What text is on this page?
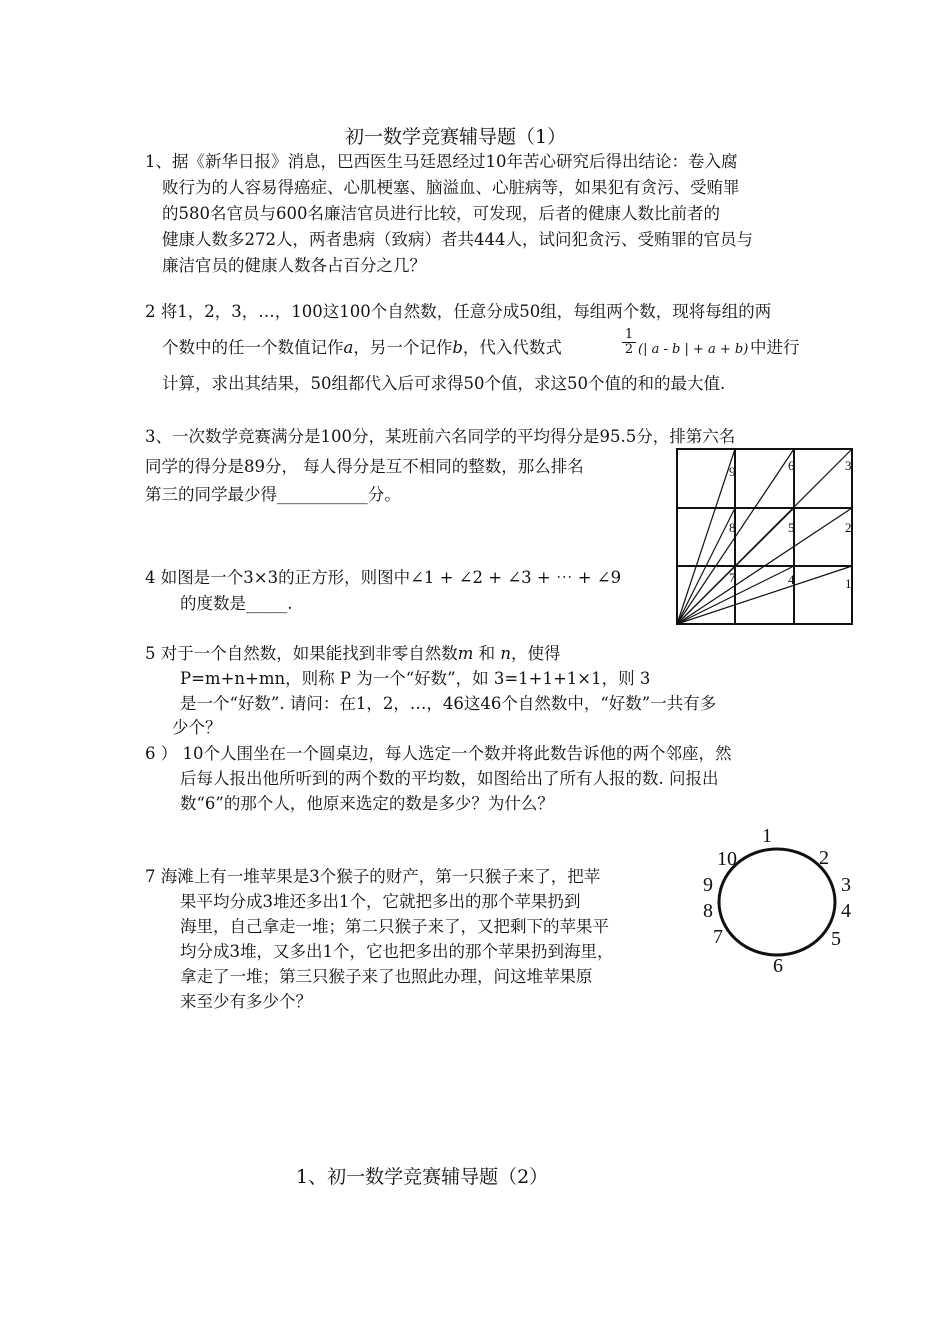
初一数学竞赛辅导题（1）
1、据《新华日报》消息，巴西医生马廷恩经过10年苦心研究后得出结论：卷入腐
败行为的人容易得癌症、心肌梗塞、脑溢血、心脏病等，如果犯有贪污、受贿罪
的580名官员与600名廉洁官员进行比较，可发现，后者的健康人数比前者的
健康人数多272人，两者患病（致病）者共444人，试问犯贪污、受贿罪的官员与
廉洁官员的健康人数各占百分之几？
2 将1，2，3，…，100这100个自然数，任意分成50组，每组两个数，现将每组的两
个数中的任一个数值记作a，另一个记作b，代入代数式	$\frac{1}{2}$ (| a - b | + a + b) 中进行
计算，求出其结果，50组都代入后可求得50个值，求这50个值的和的最大值.
3、一次数学竞赛满分是100分，某班前六名同学的平均得分是95.5分，排第六名
同学的得分是89分， 每人得分是互不相同的整数，那么排名
第三的同学最少得___________分。
9	6	3
8	5	2
7	4	1
4 如图是一个3×3的正方形，则图中∠1 + ∠2 + ∠3 + ⋯ + ∠9
的度数是_____.
5 对于一个自然数，如果能找到非零自然数m 和 n，使得
P=m+n+mn，则称 P 为一个“好数”，如 3=1+1+1×1，则 3
是一个“好数”. 请问：在1，2，…，46这46个自然数中，“好数”一共有多
少个？
6 ） 10个人围坐在一个圆桌边，每人选定一个数并将此数告诉他的两个邻座，然
后每人报出他所听到的两个数的平均数，如图给出了所有人报的数. 问报出
数“6”的那个人，他原来选定的数是多少？为什么？
1
2
3
4
5
6
7
8
9
10
7 海滩上有一堆苹果是3个猴子的财产，第一只猴子来了，把苹
果平均分成3堆还多出1个，它就把多出的那个苹果扔到
海里，自己拿走一堆；第二只猴子来了，又把剩下的苹果平
均分成3堆，又多出1个，它也把多出的那个苹果扔到海里，
拿走了一堆；第三只猴子来了也照此办理，问这堆苹果原
来至少有多少个？
1、初一数学竞赛辅导题（2）
